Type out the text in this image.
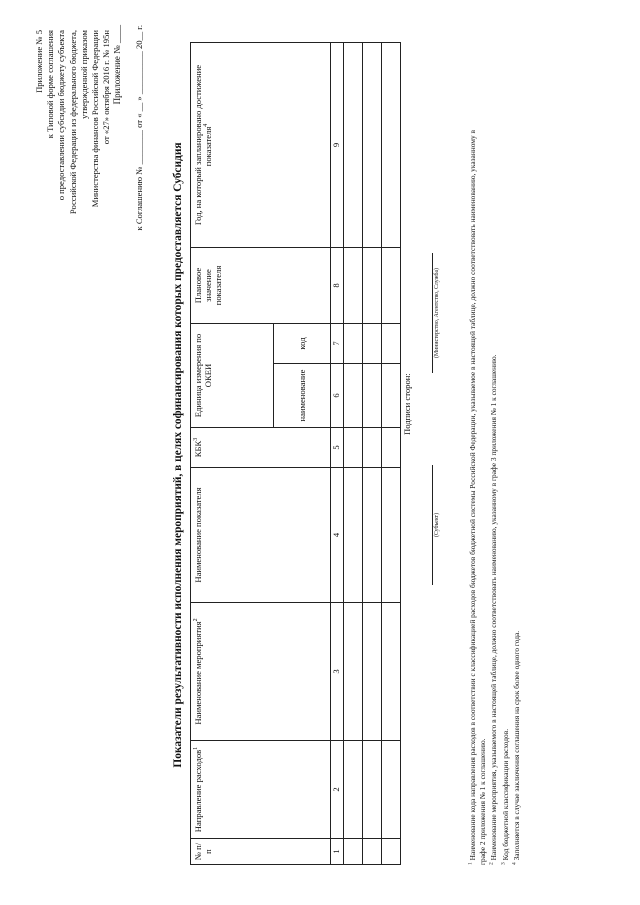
Приложение № 5 к Типовой форме соглашения о предоставлении субсидии бюджету субъекта Российской Федерации из федерального бюджета, утвержденной приказом Министерства финансов Российской Федерации от «27» октября 2016 г. № 195н Приложение № ____ к Соглашению № ________ от « __ » __________ 20__ г.
Показатели результативности исполнения мероприятий, в целях софинансирования которых предоставляется Субсидия
№ п/п	Направление расходов$^1$	Наименование мероприятия$^2$	Наименование показателя	КБК$^3$	Единица измерения по ОКЕИ		Плановое значение показателя	Год, на который запланировано достижение показателя$^4$
					наименование	код		
1	2	3	4	5	6	7	8	9

Подписи сторон:
(Субъект)
(Министерство, Агентство, Служба)
$^1$ Наименование кода направления расходов в соответствии с классификацией расходов бюджетов бюджетной системы Российской Федерации, указываемое в настоящей таблице, должно соответствовать наименованию, указанному в графе 2 приложения № 1 к соглашению. $^2$ Наименование мероприятия, указываемого в настоящей таблице, должно соответствовать наименованию, указанному в графе 3 приложения № 1 к соглашению.
$^3$ Код бюджетной классификации расходов.
$^4$ Заполняется в случае заключения соглашения на срок более одного года.
